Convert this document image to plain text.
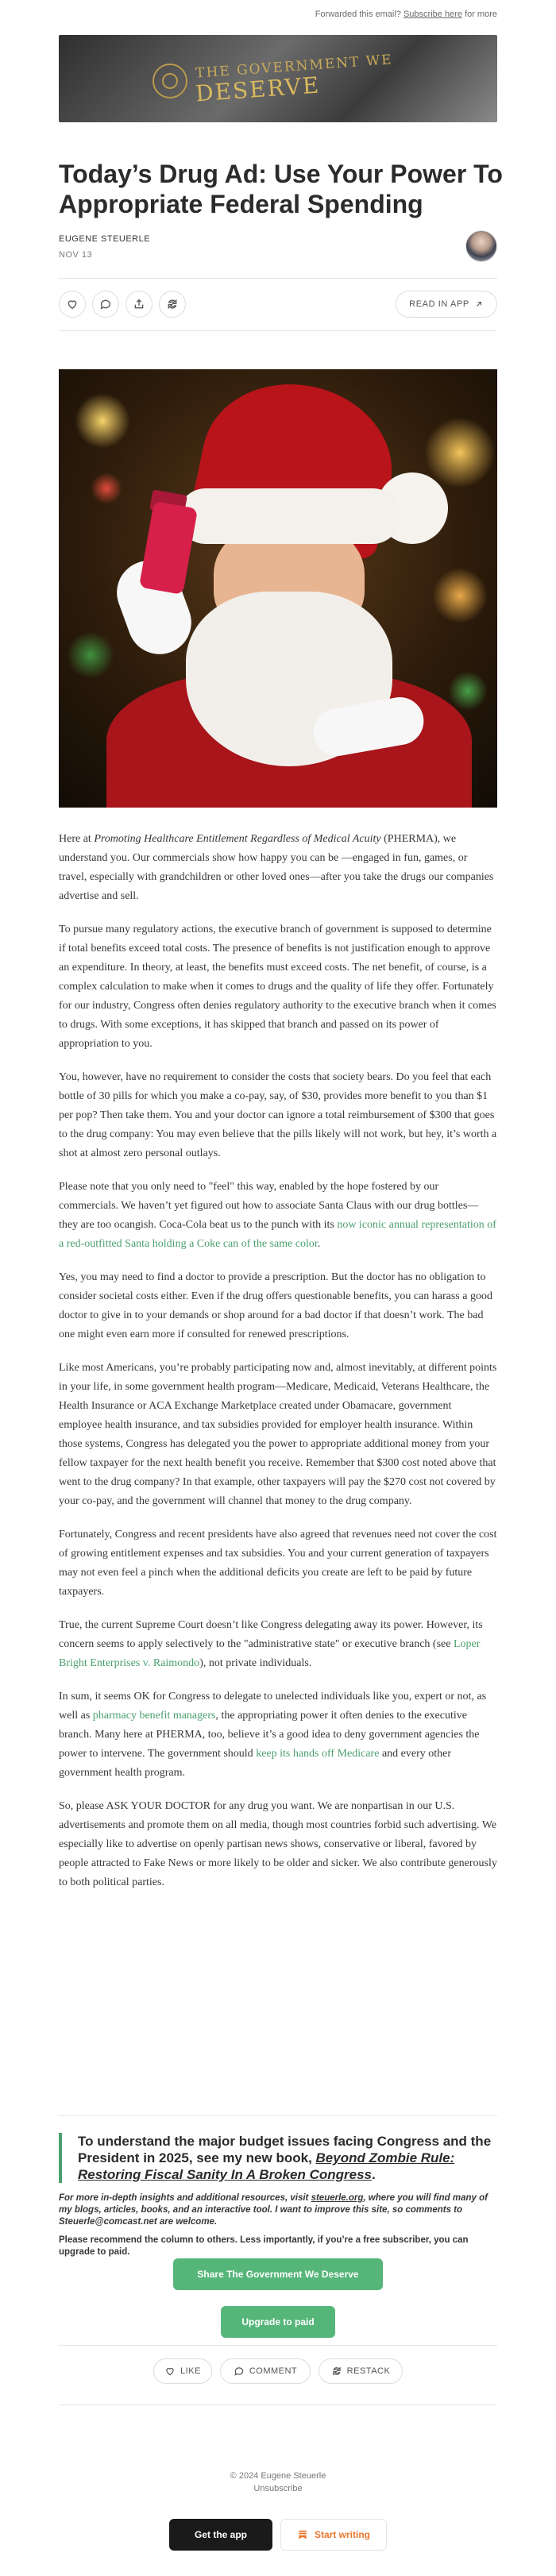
Forwarded this email? Subscribe here for more
THE GOVERNMENT WE
DESERVE
Today’s Drug Ad: Use Your Power To Appropriate Federal Spending
EUGENE STEUERLE
NOV 13
READ IN APP

Here at Promoting Healthcare Entitlement Regardless of Medical Acuity (PHERMA), we understand you. Our commercials show how happy you can be —engaged in fun, games, or travel, especially with grandchildren or other loved ones—after you take the drugs our companies advertise and sell.

To pursue many regulatory actions, the executive branch of government is supposed to determine if total benefits exceed total costs. The presence of benefits is not justification enough to approve an expenditure. In theory, at least, the benefits must exceed costs. The net benefit, of course, is a complex calculation to make when it comes to drugs and the quality of life they offer. Fortunately for our industry, Congress often denies regulatory authority to the executive branch when it comes to drugs. With some exceptions, it has skipped that branch and passed on its power of appropriation to you.

You, however, have no requirement to consider the costs that society bears. Do you feel that each bottle of 30 pills for which you make a co-pay, say, of $30, provides more benefit to you than $1 per pop? Then take them. You and your doctor can ignore a total reimbursement of $300 that goes to the drug company: You may even believe that the pills likely will not work, but hey, it’s worth a shot at almost zero personal outlays.

Please note that you only need to "feel" this way, enabled by the hope fostered by our commercials. We haven’t yet figured out how to associate Santa Claus with our drug bottles—they are too ocangish. Coca-Cola beat us to the punch with its now iconic annual representation of a red-outfitted Santa holding a Coke can of the same color.

Yes, you may need to find a doctor to provide a prescription. But the doctor has no obligation to consider societal costs either. Even if the drug offers questionable benefits, you can harass a good doctor to give in to your demands or shop around for a bad doctor if that doesn’t work. The bad one might even earn more if consulted for renewed prescriptions.

Like most Americans, you’re probably participating now and, almost inevitably, at different points in your life, in some government health program—Medicare, Medicaid, Veterans Healthcare, the Health Insurance or ACA Exchange Marketplace created under Obamacare, government employee health insurance, and tax subsidies provided for employer health insurance. Within those systems, Congress has delegated you the power to appropriate additional money from your fellow taxpayer for the next health benefit you receive. Remember that $300 cost noted above that went to the drug company? In that example, other taxpayers will pay the $270 cost not covered by your co-pay, and the government will channel that money to the drug company.

Fortunately, Congress and recent presidents have also agreed that revenues need not cover the cost of growing entitlement expenses and tax subsidies. You and your current generation of taxpayers may not even feel a pinch when the additional deficits you create are left to be paid by future taxpayers.

True, the current Supreme Court doesn’t like Congress delegating away its power. However, its concern seems to apply selectively to the "administrative state" or executive branch (see Loper Bright Enterprises v. Raimondo), not private individuals.

In sum, it seems OK for Congress to delegate to unelected individuals like you, expert or not, as well as pharmacy benefit managers, the appropriating power it often denies to the executive branch. Many here at PHERMA, too, believe it’s a good idea to deny government agencies the power to intervene. The government should keep its hands off Medicare and every other government health program.

So, please ASK YOUR DOCTOR for any drug you want. We are nonpartisan in our U.S. advertisements and promote them on all media, though most countries forbid such advertising. We especially like to advertise on openly partisan news shows, conservative or liberal, favored by people attracted to Fake News or more likely to be older and sicker. We also contribute generously to both political parties.

To understand the major budget issues facing Congress and the President in 2025, see my new book, Beyond Zombie Rule: Restoring Fiscal Sanity In A Broken Congress.
For more in-depth insights and additional resources, visit steuerle.org, where you will find many of my blogs, articles, books, and an interactive tool. I want to improve this site, so comments to Steuerle@comcast.net are welcome.
Please recommend the column to others. Less importantly, if you’re a free subscriber, you can upgrade to paid.
Share The Government We Deserve
Upgrade to paid
LIKE	COMMENT	RESTACK
© 2024 Eugene Steuerle
Unsubscribe
Get the app	Start writing
